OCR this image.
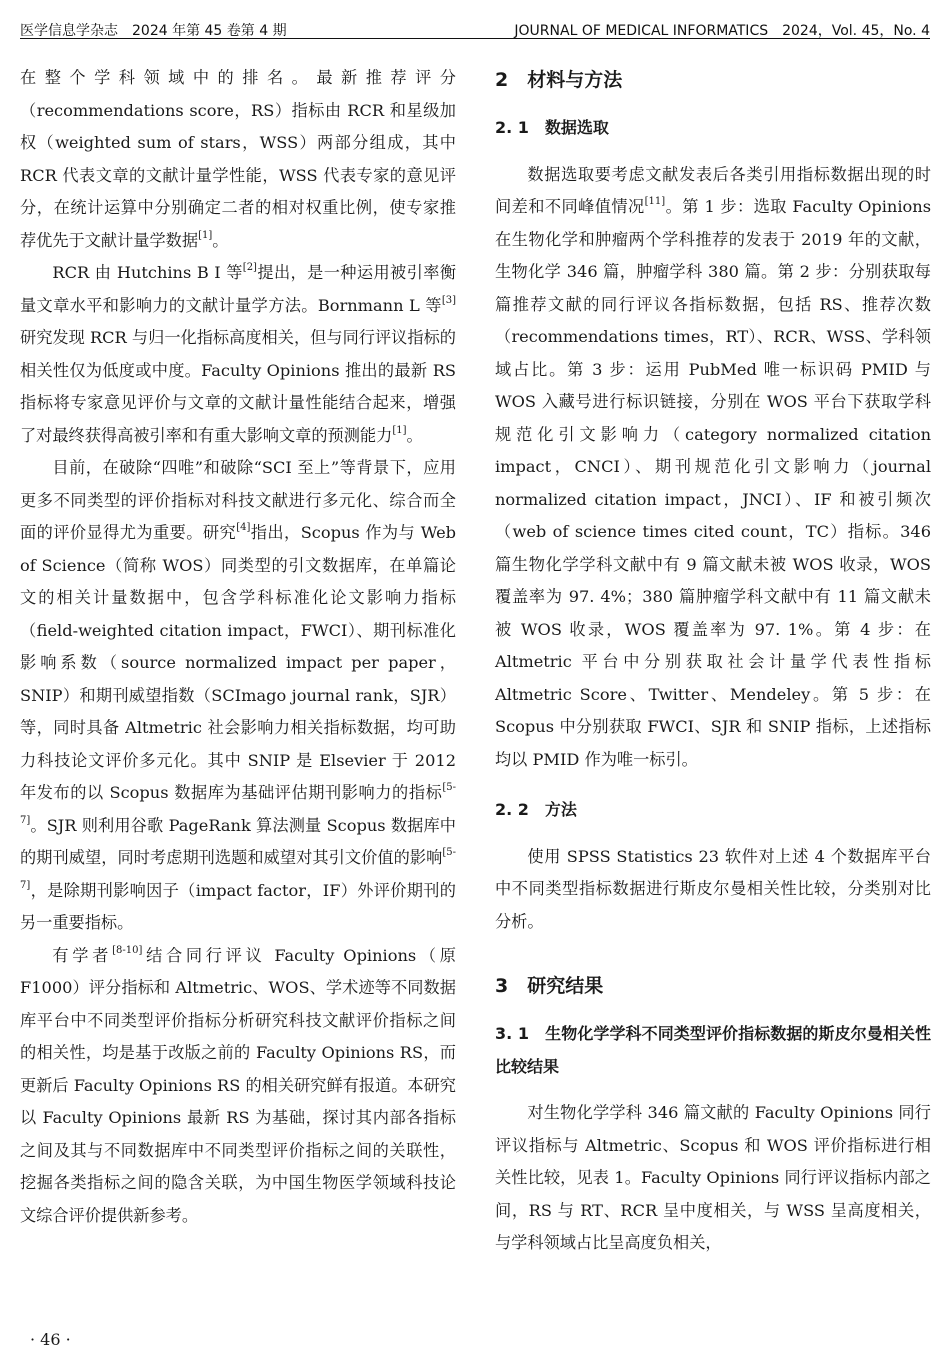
医学信息学杂志　2024 年第 45 卷第 4 期	JOURNAL OF MEDICAL INFORMATICS　2024，Vol. 45，No. 4

在整个学科领域中的排名。最新推荐评分（recommendations score，RS）指标由 RCR 和星级加权（weighted sum of stars，WSS）两部分组成，其中 RCR 代表文章的文献计量学性能，WSS 代表专家的意见评分，在统计运算中分别确定二者的相对权重比例，使专家推荐优先于文献计量学数据[1]。

RCR 由 Hutchins B I 等[2]提出，是一种运用被引率衡量文章水平和影响力的文献计量学方法。Bornmann L 等[3]研究发现 RCR 与归一化指标高度相关，但与同行评议指标的相关性仅为低度或中度。Faculty Opinions 推出的最新 RS 指标将专家意见评价与文章的文献计量性能结合起来，增强了对最终获得高被引率和有重大影响文章的预测能力[1]。

目前，在破除“四唯”和破除“SCI 至上”等背景下，应用更多不同类型的评价指标对科技文献进行多元化、综合而全面的评价显得尤为重要。研究[4]指出，Scopus 作为与 Web of Science（简称 WOS）同类型的引文数据库，在单篇论文的相关计量数据中，包含学科标准化论文影响力指标（field-weighted citation impact，FWCI）、期刊标准化影响系数（source normalized impact per paper，SNIP）和期刊威望指数（SCImago journal rank，SJR）等，同时具备 Altmetric 社会影响力相关指标数据，均可助力科技论文评价多元化。其中 SNIP 是 Elsevier 于 2012 年发布的以 Scopus 数据库为基础评估期刊影响力的指标[5-7]。SJR 则利用谷歌 PageRank 算法测量 Scopus 数据库中的期刊威望，同时考虑期刊选题和威望对其引文价值的影响[5-7]，是除期刊影响因子（impact factor，IF）外评价期刊的另一重要指标。

有学者[8-10]结合同行评议 Faculty Opinions（原 F1000）评分指标和 Altmetric、WOS、学术迹等不同数据库平台中不同类型评价指标分析研究科技文献评价指标之间的相关性，均是基于改版之前的 Faculty Opinions RS，而更新后 Faculty Opinions RS 的相关研究鲜有报道。本研究以 Faculty Opinions 最新 RS 为基础，探讨其内部各指标之间及其与不同数据库中不同类型评价指标之间的关联性，挖掘各类指标之间的隐含关联，为中国生物医学领域科技论文综合评价提供新参考。

2　材料与方法
2. 1　数据选取

数据选取要考虑文献发表后各类引用指标数据出现的时间差和不同峰值情况[11]。第 1 步：选取 Faculty Opinions 在生物化学和肿瘤两个学科推荐的发表于 2019 年的文献，生物化学 346 篇，肿瘤学科 380 篇。第 2 步：分别获取每篇推荐文献的同行评议各指标数据，包括 RS、推荐次数（recommendations times，RT）、RCR、WSS、学科领域占比。第 3 步：运用 PubMed 唯一标识码 PMID 与 WOS 入藏号进行标识链接，分别在 WOS 平台下获取学科规范化引文影响力（category normalized citation impact，CNCI）、期刊规范化引文影响力（journal normalized citation impact，JNCI）、IF 和被引频次（web of science times cited count，TC）指标。346 篇生物化学学科文献中有 9 篇文献未被 WOS 收录，WOS 覆盖率为 97. 4%；380 篇肿瘤学科文献中有 11 篇文献未被 WOS 收录，WOS 覆盖率为 97. 1%。第 4 步：在 Altmetric 平台中分别获取社会计量学代表性指标 Altmetric Score、Twitter、Mendeley。第 5 步：在 Scopus 中分别获取 FWCI、SJR 和 SNIP 指标，上述指标均以 PMID 作为唯一标引。

2. 2　方法

使用 SPSS Statistics 23 软件对上述 4 个数据库平台中不同类型指标数据进行斯皮尔曼相关性比较，分类别对比分析。

3　研究结果
3. 1　生物化学学科不同类型评价指标数据的斯皮尔曼相关性比较结果

对生物化学学科 346 篇文献的 Faculty Opinions 同行评议指标与 Altmetric、Scopus 和 WOS 评价指标进行相关性比较，见表 1。Faculty Opinions 同行评议指标内部之间，RS 与 RT、RCR 呈中度相关，与 WSS 呈高度相关，与学科领域占比呈高度负相关，

· 46 ·
